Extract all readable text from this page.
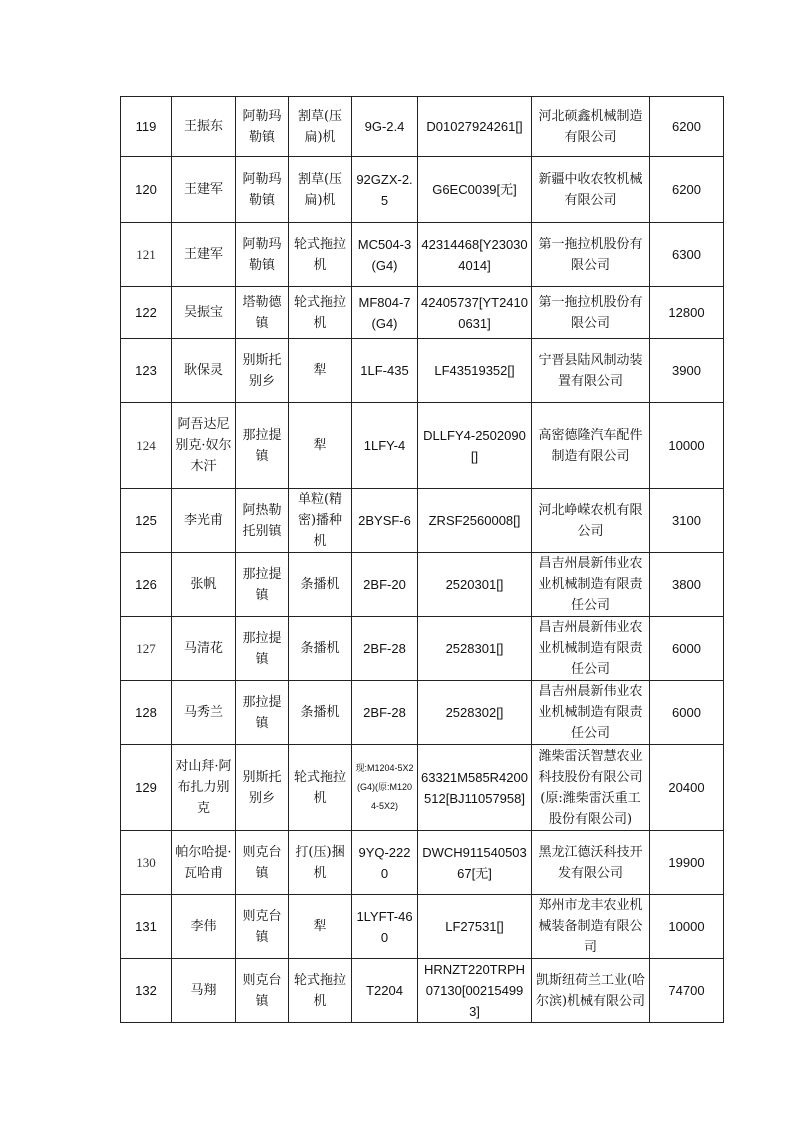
119	王振东	阿勒玛勒镇	割草(压扁)机	9G-2.4	D01027924261[]	河北硕鑫机械制造有限公司	6200
120	王建军	阿勒玛勒镇	割草(压扁)机	92GZX-2.5	G6EC0039[无]	新疆中收农牧机械有限公司	6200
121	王建军	阿勒玛勒镇	轮式拖拉机	MC504-3(G4)	42314468[Y230304014]	第一拖拉机股份有限公司	6300
122	吴振宝	塔勒德镇	轮式拖拉机	MF804-7(G4)	42405737[YT24100631]	第一拖拉机股份有限公司	12800
123	耿保灵	别斯托别乡	犁	1LF-435	LF43519352[]	宁晋县陆风制动装置有限公司	3900
124	阿吾达尼别克·奴尔木汗	那拉提镇	犁	1LFY-4	DLLFY4-2502090[]	高密德隆汽车配件制造有限公司	10000
125	李光甫	阿热勒托别镇	单粒(精密)播种机	2BYSF-6	ZRSF2560008[]	河北峥嵘农机有限公司	3100
126	张帆	那拉提镇	条播机	2BF-20	2520301[]	昌吉州晨新伟业农业机械制造有限责任公司	3800
127	马清花	那拉提镇	条播机	2BF-28	2528301[]	昌吉州晨新伟业农业机械制造有限责任公司	6000
128	马秀兰	那拉提镇	条播机	2BF-28	2528302[]	昌吉州晨新伟业农业机械制造有限责任公司	6000
129	对山拜·阿布扎力别克	别斯托别乡	轮式拖拉机	现:M1204-5X2(G4)(原:M1204-5X2)	63321M585R4200512[BJ11057958]	潍柴雷沃智慧农业科技股份有限公司(原:潍柴雷沃重工股份有限公司)	20400
130	帕尔哈提·瓦哈甫	则克台镇	打(压)捆机	9YQ-2220	DWCH91154050367[无]	黑龙江德沃科技开发有限公司	19900
131	李伟	则克台镇	犁	1LYFT-460	LF27531[]	郑州市龙丰农业机械装备制造有限公司	10000
132	马翔	则克台镇	轮式拖拉机	T2204	HRNZT220TRPH07130[002154993]	凯斯纽荷兰工业(哈尔滨)机械有限公司	74700
